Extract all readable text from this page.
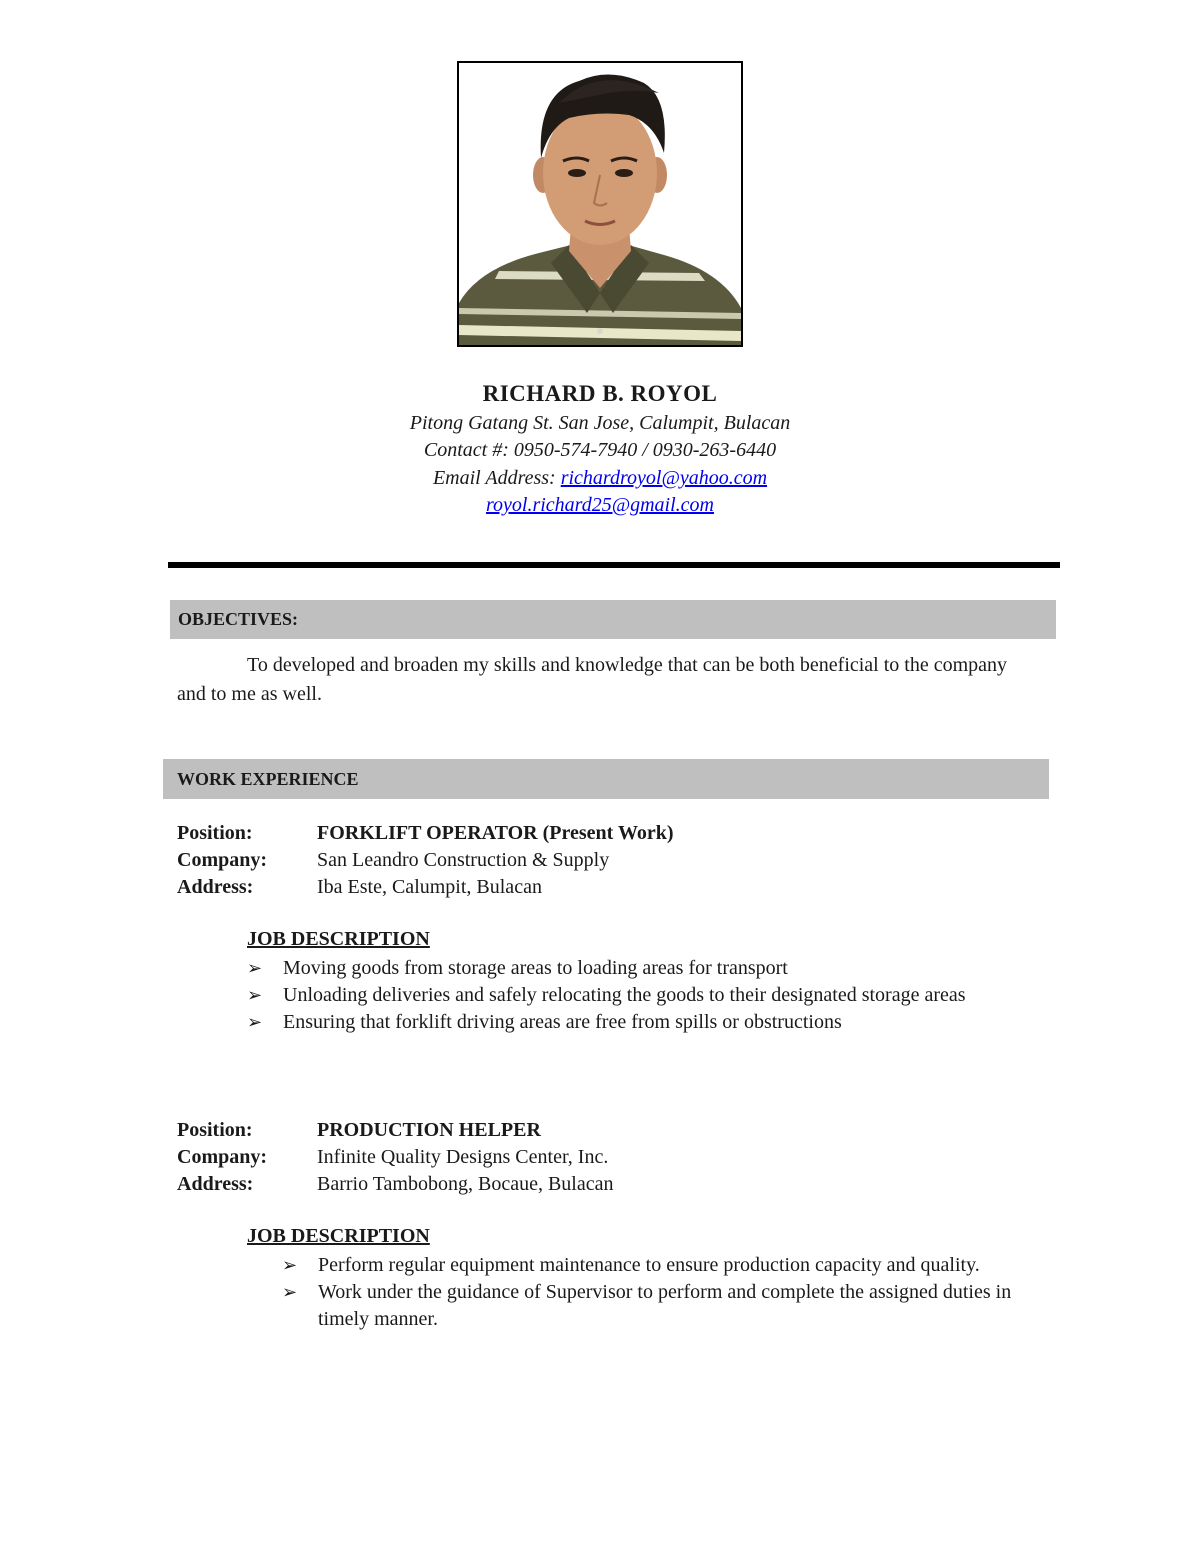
RICHARD B. ROYOL
Pitong Gatang St. San Jose, Calumpit, Bulacan
Contact #: 0950-574-7940 / 0930-263-6440
Email Address: richardroyol@yahoo.com
royol.richard25@gmail.com
OBJECTIVES:
To developed and broaden my skills and knowledge that can be both beneficial to the company and to me as well.
WORK EXPERIENCE
Position:	FORKLIFT OPERATOR (Present Work)
Company:	San Leandro Construction & Supply
Address:	Iba Este, Calumpit, Bulacan
JOB DESCRIPTION
➢ Moving goods from storage areas to loading areas for transport
➢ Unloading deliveries and safely relocating the goods to their designated storage areas
➢ Ensuring that forklift driving areas are free from spills or obstructions
Position:	PRODUCTION HELPER
Company:	Infinite Quality Designs Center, Inc.
Address:	Barrio Tambobong, Bocaue, Bulacan
JOB DESCRIPTION
➢ Perform regular equipment maintenance to ensure production capacity and quality.
➢ Work under the guidance of Supervisor to perform and complete the assigned duties in timely manner.
